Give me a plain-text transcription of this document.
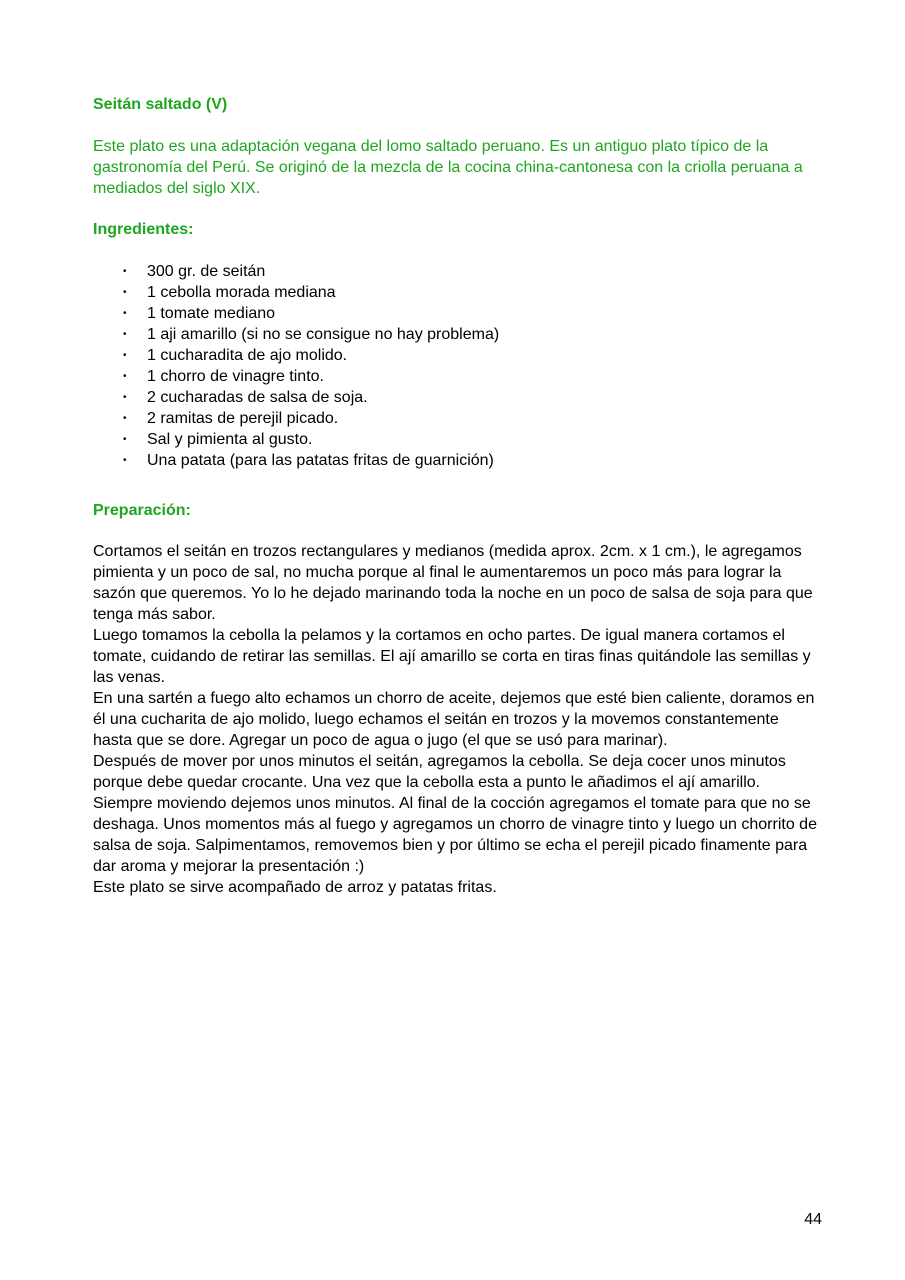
Seitán saltado (V)

Este plato es una adaptación vegana del lomo saltado peruano. Es un antiguo plato típico de la gastronomía del Perú. Se originó de la mezcla de la cocina china-cantonesa con la criolla peruana a mediados del siglo XIX.

Ingredientes:
• 300 gr. de seitán
• 1 cebolla morada mediana
• 1 tomate mediano
• 1 aji amarillo (si no se consigue no hay problema)
• 1 cucharadita de ajo molido.
• 1 chorro de vinagre tinto.
• 2 cucharadas de salsa de soja.
• 2 ramitas de perejil picado.
• Sal y pimienta al gusto.
• Una patata (para las patatas fritas de guarnición)
Preparación:

Cortamos el seitán en trozos rectangulares y medianos (medida aprox. 2cm. x 1 cm.), le agregamos pimienta y un poco de sal, no mucha porque al final le aumentaremos un poco más para lograr la sazón que queremos. Yo lo he dejado marinando toda la noche en un poco de salsa de soja para que tenga más sabor.

Luego tomamos la cebolla la pelamos y la cortamos en ocho partes. De igual manera cortamos el tomate, cuidando de retirar las semillas. El ají amarillo se corta en tiras finas quitándole las semillas y las venas.

En una sartén a fuego alto echamos un chorro de aceite, dejemos que esté bien caliente, doramos en él una cucharita de ajo molido, luego echamos el seitán en trozos y la movemos constantemente hasta que se dore. Agregar un poco de agua o jugo (el que se usó para marinar).

Después de mover por unos minutos el seitán, agregamos la cebolla. Se deja cocer unos minutos porque debe quedar crocante. Una vez que la cebolla esta a punto le añadimos el ají amarillo. Siempre moviendo dejemos unos minutos. Al final de la cocción agregamos el tomate para que no se deshaga. Unos momentos más al fuego y agregamos un chorro de vinagre tinto y luego un chorrito de salsa de soja. Salpimentamos, removemos bien y por último se echa el perejil picado finamente para dar aroma y mejorar la presentación :)

Este plato se sirve acompañado de arroz y patatas fritas.

44
